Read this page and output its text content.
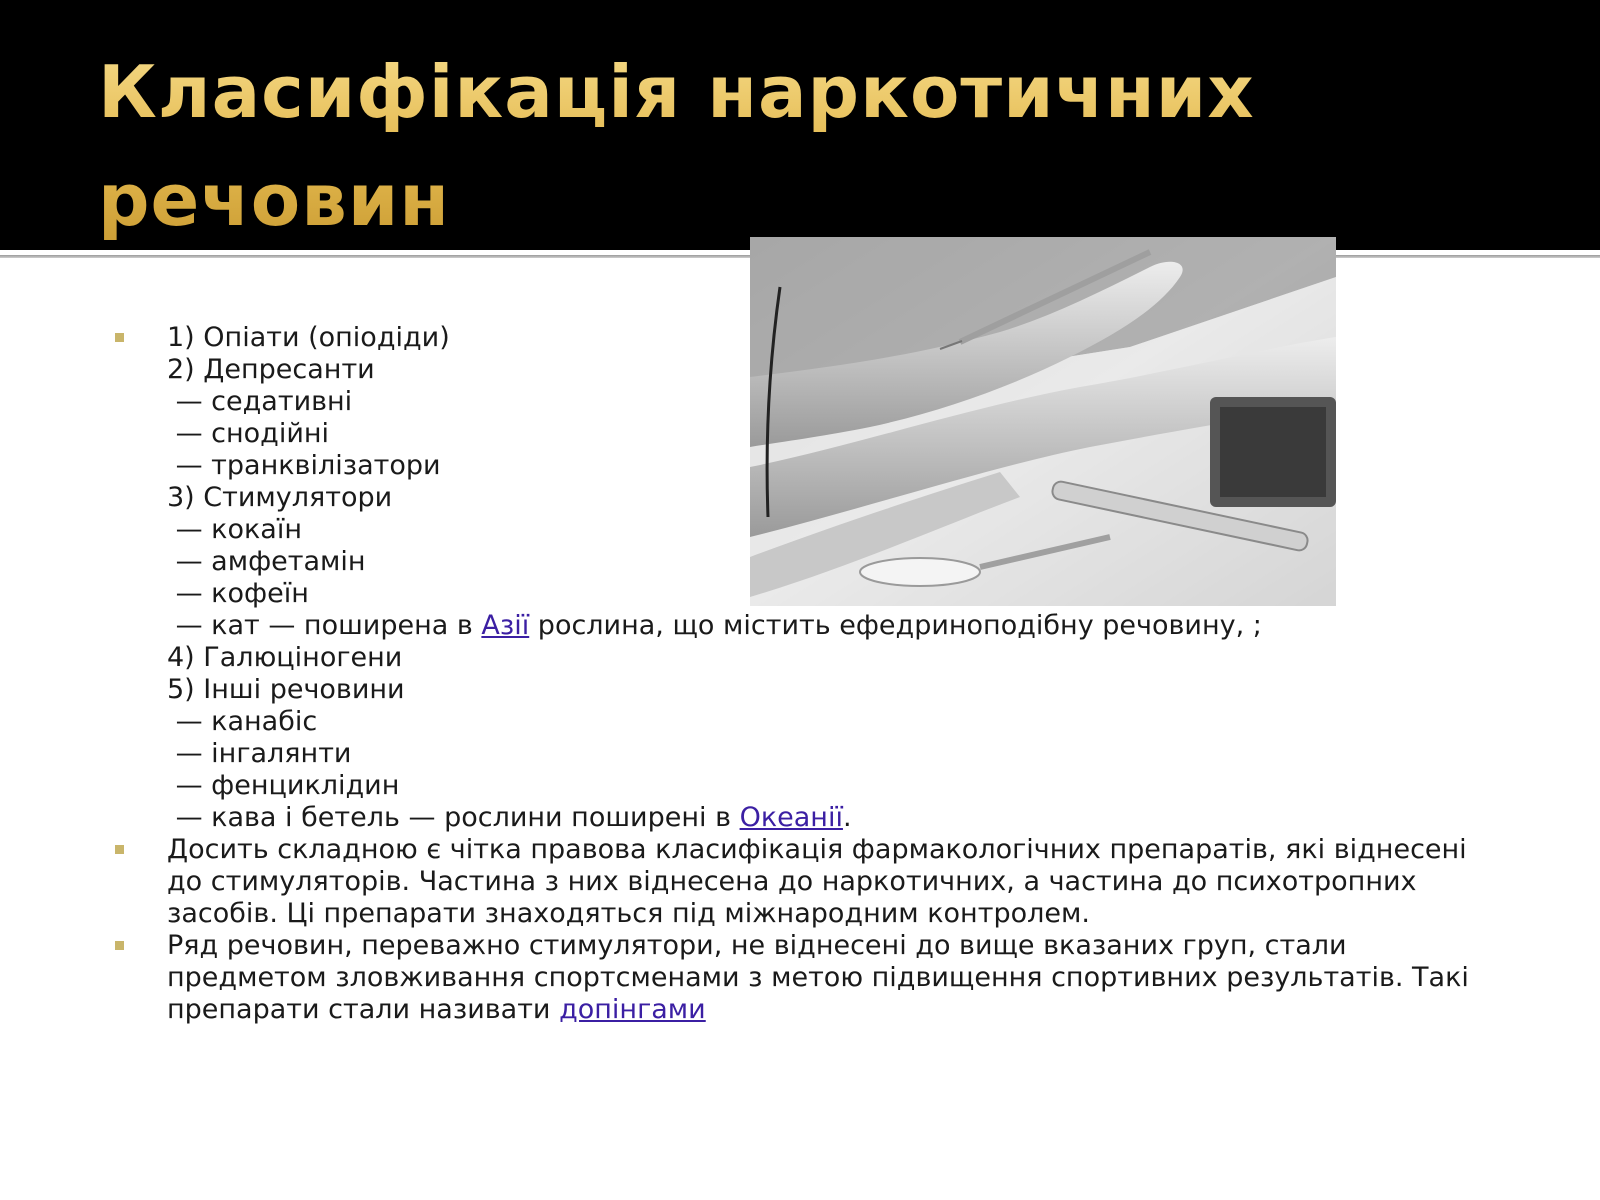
Класифікація наркотичних речовин
1) Опіати (опіодіди)
2) Депресанти
— седативні
— снодійні
— транквілізатори
3) Стимулятори
— кокаїн
— амфетамін
— кофеїн
— кат — поширена в Азії рослина, що містить ефедриноподібну речовину, ;
4) Галюціногени
5) Інші речовини
— канабіс
— інгалянти
— фенциклідин
— кава і бетель — рослини поширені в Океанії.
Досить складною є чітка правова класифікація фармакологічних препаратів, які віднесені до стимуляторів. Частина з них віднесена до наркотичних, а частина до психотропних засобів. Ці препарати знаходяться під міжнародним контролем.
Ряд речовин, переважно стимулятори, не віднесені до вище вказаних груп, стали предметом зловживання спортсменами з метою підвищення спортивних результатів. Такі препарати стали називати допінгами
